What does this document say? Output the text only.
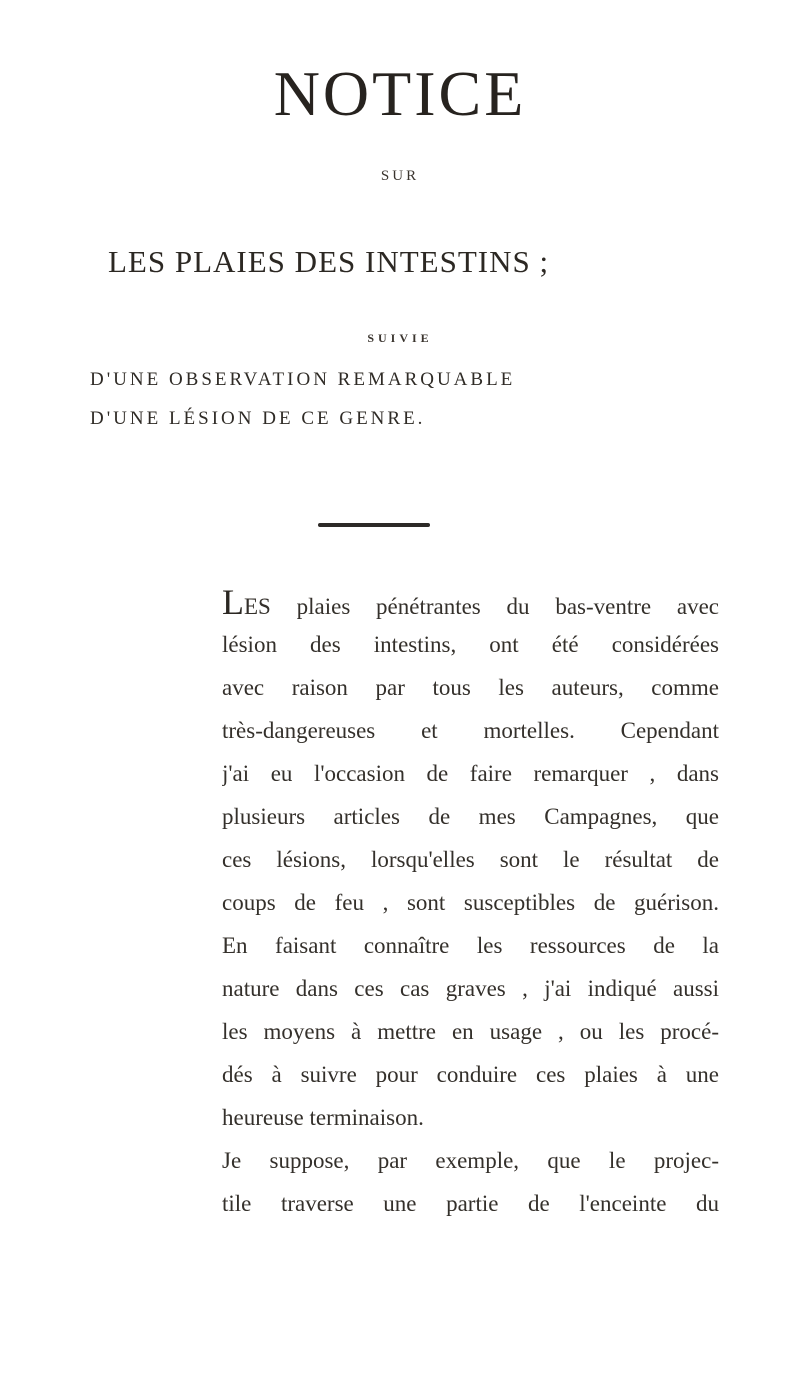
NOTICE
SUR
LES PLAIES DES INTESTINS ;
SUIVIE
D'UNE OBSERVATION REMARQUABLE
D'UNE LÉSION DE CE GENRE.
LES plaies pénétrantes du bas-ventre avec
lésion des intestins, ont été considérées
avec raison par tous les auteurs, comme
très-dangereuses et mortelles. Cependant
j'ai eu l'occasion de faire remarquer , dans
plusieurs articles de mes Campagnes, que
ces lésions, lorsqu'elles sont le résultat de
coups de feu , sont susceptibles de guérison.
En faisant connaître les ressources de la
nature dans ces cas graves , j'ai indiqué aussi
les moyens à mettre en usage , ou les procé-
dés à suivre pour conduire ces plaies à une
heureuse terminaison.
Je suppose, par exemple, que le projec-
tile traverse une partie de l'enceinte du
